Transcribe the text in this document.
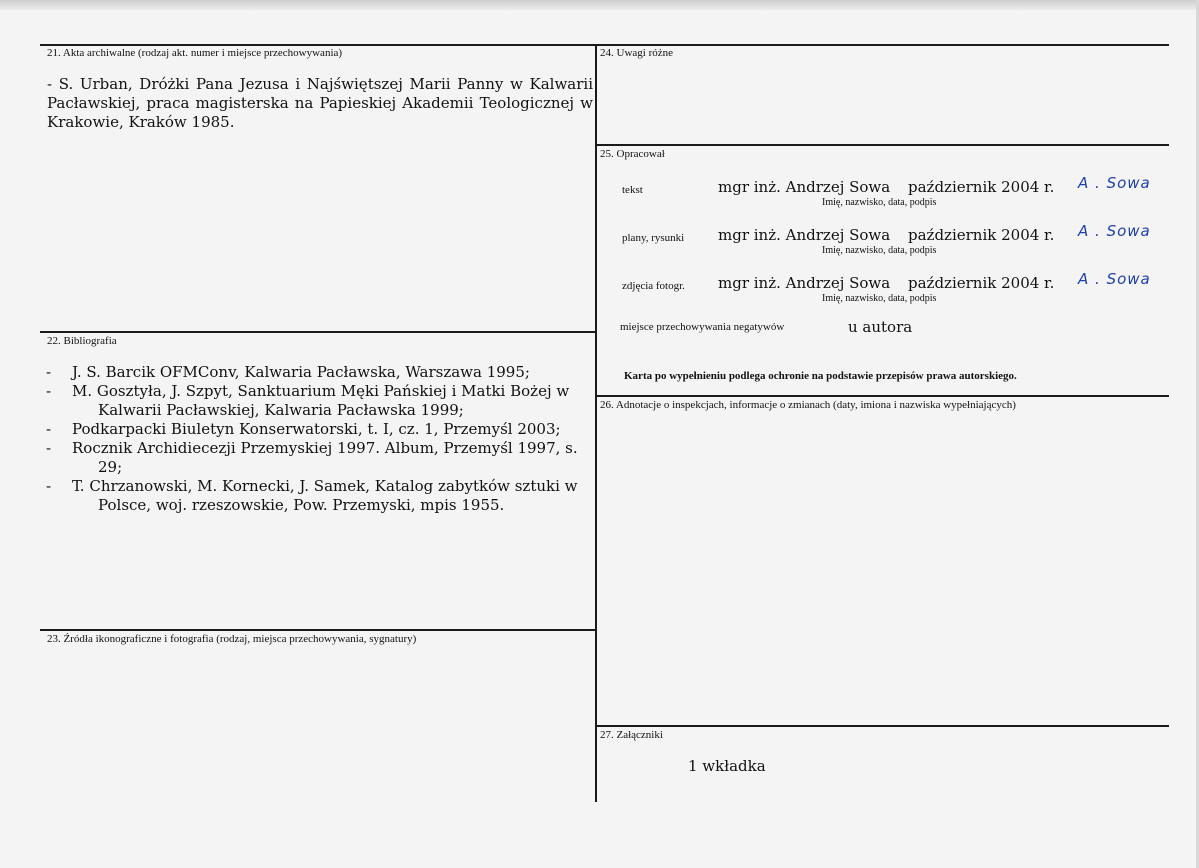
21. Akta archiwalne (rodzaj akt. numer i miejsce przechowywania)
- S. Urban, Dróżki Pana Jezusa i Najświętszej Marii Panny w Kalwarii Pacławskiej, praca magisterska na Papieskiej Akademii Teologicznej w Krakowie, Kraków 1985.
22. Bibliografia
- J. S. Barcik OFMConv, Kalwaria Pacławska, Warszawa 1995;
- M. Gosztyła, J. Szpyt, Sanktuarium Męki Pańskiej i Matki Bożej w Kalwarii Pacławskiej, Kalwaria Pacławska 1999;
- Podkarpacki Biuletyn Konserwatorski, t. I, cz. 1, Przemyśl 2003;
- Rocznik Archidiecezji Przemyskiej 1997. Album, Przemyśl 1997, s. 29;
- T. Chrzanowski, M. Kornecki, J. Samek, Katalog zabytków sztuki w Polsce, woj. rzeszowskie, Pow. Przemyski, mpis 1955.
23. Źródła ikonograficzne i fotografia (rodzaj, miejsca przechowywania, sygnatury)
24. Uwagi różne
25. Opracował
tekst	mgr inż. Andrzej Sowa październik 2004 r. A . Sowa
Imię, nazwisko, data, podpis
plany, rysunki mgr inż. Andrzej Sowa październik 2004 r. A . Sowa
Imię, nazwisko, data, podpis
zdjęcia fotogr. mgr inż. Andrzej Sowa październik 2004 r. A . Sowa
Imię, nazwisko, data, podpis
miejsce przechowywania negatywów	u autora
Karta po wypełnieniu podlega ochronie na podstawie przepisów prawa autorskiego.
26. Adnotacje o inspekcjach, informacje o zmianach (daty, imiona i nazwiska wypełniających)
27. Załączniki
1 wkładka
